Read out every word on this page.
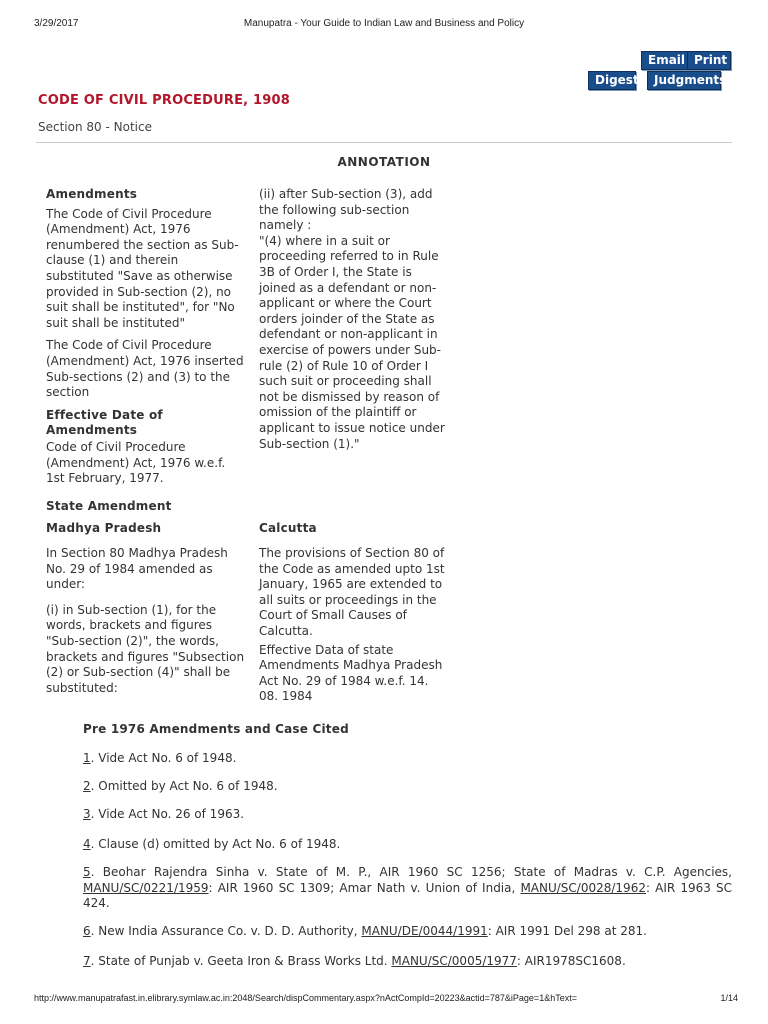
3/29/2017	Manupatra - Your Guide to Indian Law and Business and Policy
Email Print
Digest	Judgments
CODE OF CIVIL PROCEDURE, 1908
Section 80 - Notice
ANNOTATION
Amendments

The Code of Civil Procedure (Amendment) Act, 1976 renumbered the section as Sub-clause (1) and therein substituted "Save as otherwise provided in Sub-section (2), no suit shall be instituted", for "No suit shall be instituted"

The Code of Civil Procedure (Amendment) Act, 1976 inserted Sub-sections (2) and (3) to the section

Effective Date of Amendments

Code of Civil Procedure (Amendment) Act, 1976 w.e.f. 1st February, 1977.

(ii) after Sub-section (3), add the following sub-section namely :

"(4) where in a suit or proceeding referred to in Rule 3B of Order I, the State is joined as a defendant or non-applicant or where the Court orders joinder of the State as defendant or non-applicant in exercise of powers under Sub-rule (2) of Rule 10 of Order I such suit or proceeding shall not be dismissed by reason of omission of the plaintiff or applicant to issue notice under Sub-section (1)."

State Amendment
Madhya Pradesh	Calcutta

In Section 80 Madhya Pradesh No. 29 of 1984 amended as under:

(i) in Sub-section (1), for the words, brackets and figures "Sub-section (2)", the words, brackets and figures "Subsection (2) or Sub-section (4)" shall be substituted:

The provisions of Section 80 of the Code as amended upto 1st January, 1965 are extended to all suits or proceedings in the Court of Small Causes of Calcutta.

Effective Data of state Amendments Madhya Pradesh Act No. 29 of 1984 w.e.f. 14. 08. 1984

Pre 1976 Amendments and Case Cited
1. Vide Act No. 6 of 1948.
2. Omitted by Act No. 6 of 1948.
3. Vide Act No. 26 of 1963.
4. Clause (d) omitted by Act No. 6 of 1948.
5. Beohar Rajendra Sinha v. State of M. P., AIR 1960 SC 1256; State of Madras v. C.P. Agencies, MANU/SC/0221/1959: AIR 1960 SC 1309; Amar Nath v. Union of India, MANU/SC/0028/1962: AIR 1963 SC 424.
6. New India Assurance Co. v. D. D. Authority, MANU/DE/0044/1991: AIR 1991 Del 298 at 281.
7. State of Punjab v. Geeta Iron & Brass Works Ltd. MANU/SC/0005/1977: AIR1978SC1608.
http://www.manupatrafast.in.elibrary.symlaw.ac.in:2048/Search/dispCommentary.aspx?nActCompId=20223&actid=787&iPage=1&hText=	1/14
